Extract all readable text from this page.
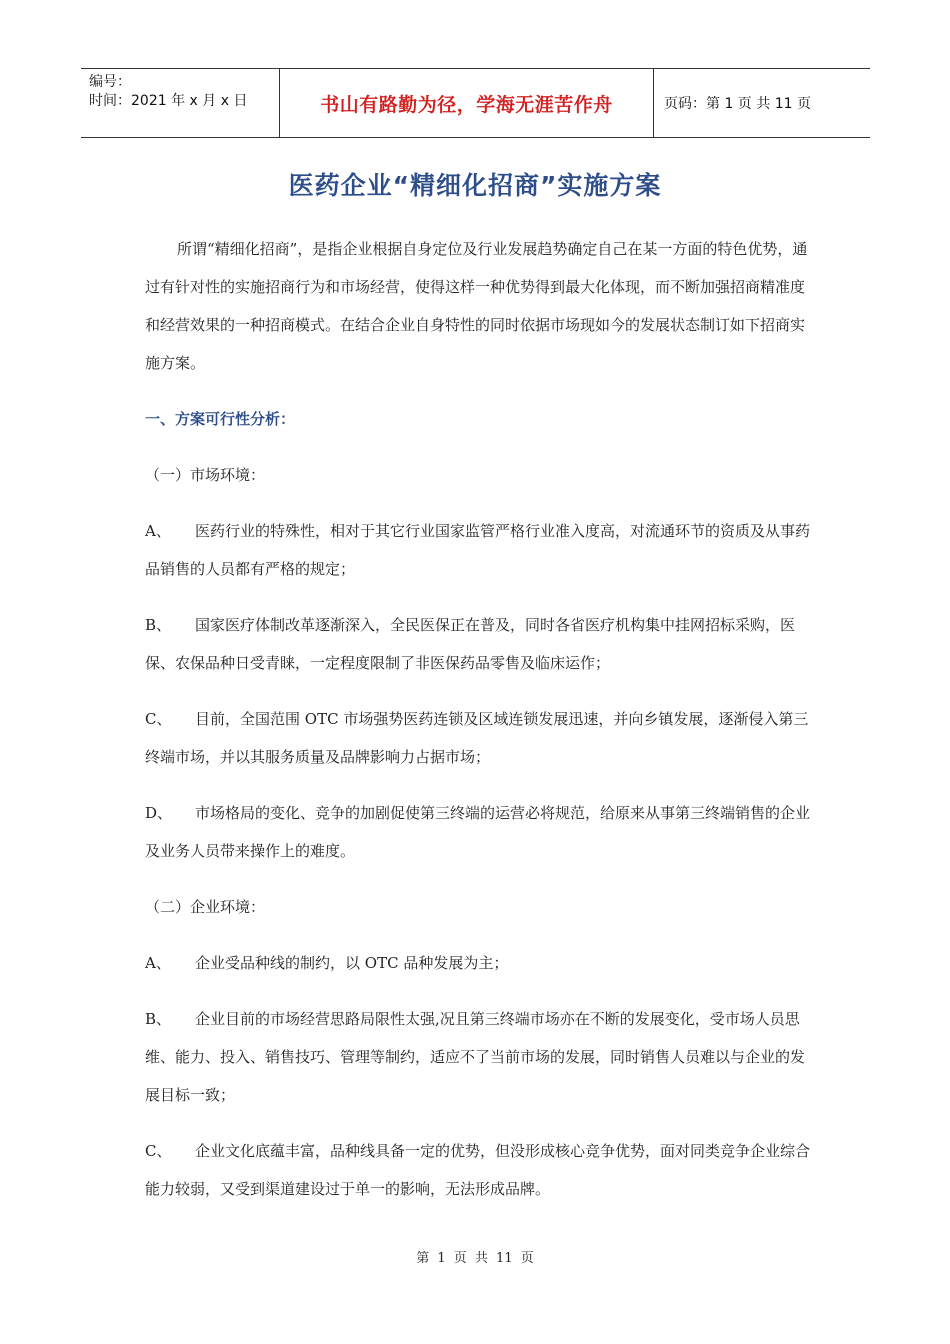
编号：
时间：2021 年 x 月 x 日	书山有路勤为径，学海无涯苦作舟	页码：第 1 页 共 11 页
医药企业“精细化招商”实施方案

所谓“精细化招商”，是指企业根据自身定位及行业发展趋势确定自己在某一方面的特色优势，通过有针对性的实施招商行为和市场经营，使得这样一种优势得到最大化体现，而不断加强招商精准度和经营效果的一种招商模式。在结合企业自身特性的同时依据市场现如今的发展状态制订如下招商实施方案。

一、方案可行性分析：
（一）市场环境：
A、 医药行业的特殊性，相对于其它行业国家监管严格行业准入度高，对流通环节的资质及从事药品销售的人员都有严格的规定；
B、 国家医疗体制改革逐渐深入，全民医保正在普及，同时各省医疗机构集中挂网招标采购，医保、农保品种日受青睐，一定程度限制了非医保药品零售及临床运作；
C、 目前，全国范围 OTC 市场强势医药连锁及区域连锁发展迅速，并向乡镇发展，逐渐侵入第三终端市场，并以其服务质量及品牌影响力占据市场；
D、 市场格局的变化、竞争的加剧促使第三终端的运营必将规范，给原来从事第三终端销售的企业及业务人员带来操作上的难度。
（二）企业环境：
A、 企业受品种线的制约，以 OTC 品种发展为主；
B、 企业目前的市场经营思路局限性太强,况且第三终端市场亦在不断的发展变化，受市场人员思维、能力、投入、销售技巧、管理等制约，适应不了当前市场的发展，同时销售人员难以与企业的发展目标一致；
C、 企业文化底蕴丰富，品种线具备一定的优势，但没形成核心竞争优势，面对同类竞争企业综合能力较弱，又受到渠道建设过于单一的影响，无法形成品牌。
第 1 页 共 11 页
